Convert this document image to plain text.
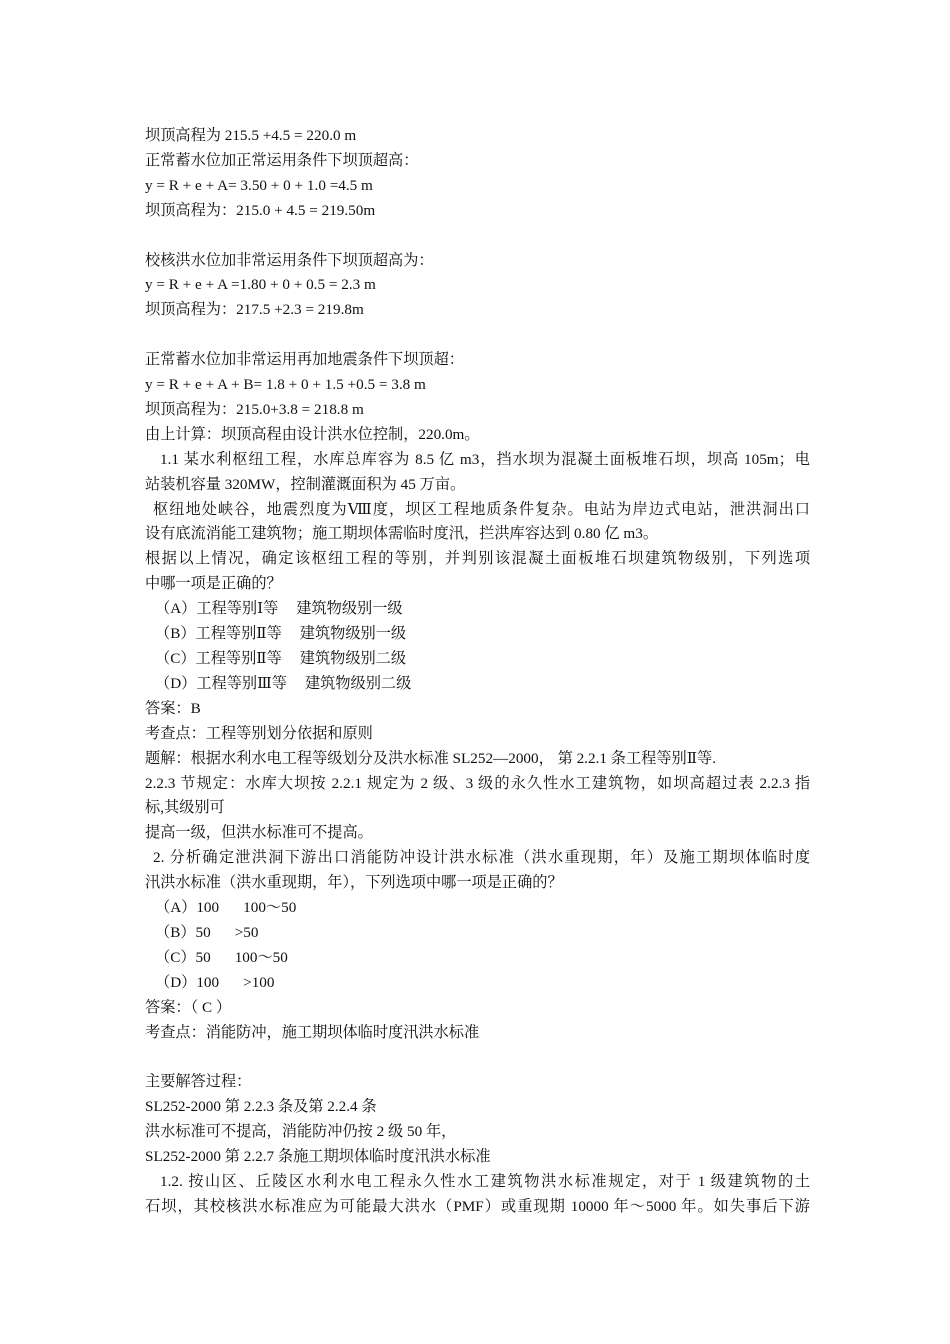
坝顶高程为 215.5 +4.5 = 220.0 m
正常蓄水位加正常运用条件下坝顶超高：
y = R + e + A= 3.50 + 0 + 1.0 =4.5 m
坝顶高程为：215.0 + 4.5 = 219.50m
校核洪水位加非常运用条件下坝顶超高为：
y = R + e + A =1.80 + 0 + 0.5 = 2.3 m
坝顶高程为：217.5 +2.3 = 219.8m
正常蓄水位加非常运用再加地震条件下坝顶超：
y = R + e + A + B= 1.8 + 0 + 1.5 +0.5 = 3.8 m
坝顶高程为：215.0+3.8 = 218.8 m
由上计算：坝顶高程由设计洪水位控制，220.0m。
1.1 某水利枢纽工程，水库总库容为 8.5 亿 m3，挡水坝为混凝土面板堆石坝，坝高 105m；电
站装机容量 320MW，控制灌溉面积为 45 万亩。
枢纽地处峡谷，地震烈度为Ⅷ度，坝区工程地质条件复杂。电站为岸边式电站，泄洪洞出口
设有底流消能工建筑物；施工期坝体需临时度汛，拦洪库容达到 0.80 亿 m3。
根据以上情况，确定该枢纽工程的等别，并判别该混凝土面板堆石坝建筑物级别，下列选项
中哪一项是正确的？
（A）工程等别Ⅰ等 建筑物级别一级
（B）工程等别Ⅱ等 建筑物级别一级
（C）工程等别Ⅱ等 建筑物级别二级
（D）工程等别Ⅲ等 建筑物级别二级
答案：B
考查点：工程等别划分依据和原则
题解：根据水利水电工程等级划分及洪水标准 SL252—2000， 第 2.2.1 条工程等别Ⅱ等.
2.2.3 节规定：水库大坝按 2.2.1 规定为 2 级、3 级的永久性水工建筑物，如坝高超过表 2.2.3 指
标,其级别可
提高一级，但洪水标准可不提高。
2. 分析确定泄洪洞下游出口消能防冲设计洪水标准（洪水重现期，年）及施工期坝体临时度
汛洪水标准（洪水重现期，年），下列选项中哪一项是正确的？
（A）100 100～50
（B）50 >50
（C）50 100～50
（D）100 >100
答案：（ C ）
考查点：消能防冲，施工期坝体临时度汛洪水标准
主要解答过程：
SL252-2000 第 2.2.3 条及第 2.2.4 条
洪水标准可不提高，消能防冲仍按 2 级 50 年，
SL252-2000 第 2.2.7 条施工期坝体临时度汛洪水标准
1.2. 按山区、丘陵区水利水电工程永久性水工建筑物洪水标准规定，对于 1 级建筑物的土
石坝，其校核洪水标准应为可能最大洪水（PMF）或重现期 10000 年～5000 年。如失事后下游
